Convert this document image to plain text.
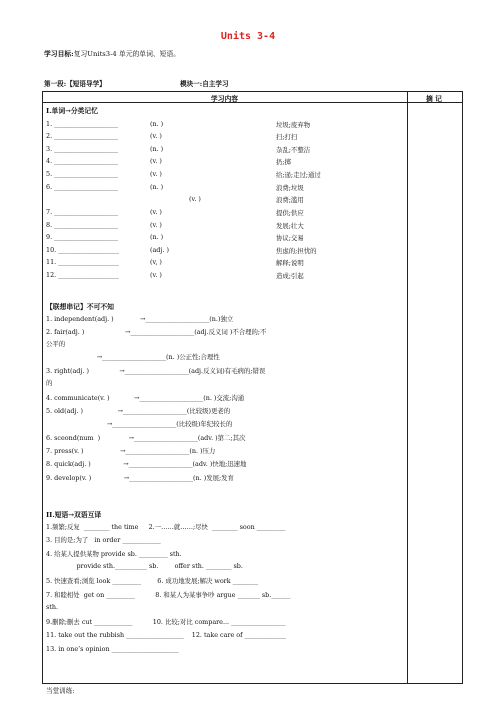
Units 3-4
学习目标:复习Units3-4 单元的单词、短语。
第一段:【短语导学】	模块一:自主学习
学习内容	摘 记
I.单词→分类记忆
1. ____________________	(n. )	垃圾;废弃物
2. ____________________	(v. )	扫;打扫
3. ____________________	(n. )	杂乱;不整洁
4. ____________________	(v. )	扔;掷
5. ____________________	(v. )	给;递;走过;通过
6. ____________________	(n. )	浪费;垃圾
(v. )	浪费;滥用
7. ____________________	(v. )	提供;供应
8. ____________________	(v. )	发展;壮大
9. ____________________	(n. )	协议;交易
10. ___________________	(adj. )	焦虑的;担忧的
11. ___________________	(v, )	解释;说明
12. ___________________	(v. )	造成;引起
【联想串记】不可不知
1. independent(adj. )             →____________________(n.)独立
2. fair(adj. )                    →____________________(adj.反义词 )不合理的;不
公平的
→____________________(n. )公正性;合理性
3. right(adj. )               →____________________(adj.反义词)有毛病的;错误
的
4. communicate(v. )            →____________________(n. )交流;沟通
5. old(adj. )                 →____________________(比较级)更老的
→____________________(比较级)年纪较长的
6. sceond(num  )              →____________________(adv. )第二;其次
7. press(v. )                  →____________________(n. )压力
8. quick(adj. )                →____________________(adv. )快地;迅速地
9. develop(v. )                →____________________(n. )发展;发育
II.短语→双语互译
1.频繁;反复  ________ the time     2.一……就……;尽快  ________ soon _________
3. 目的是;为了   in order ____________
4. 给某人提供某物 provide sb. _________ sth.
provide sth.__________ sb.        offer sth. ________ sb.
5. 快速查看;浏览 look _________        6. 成功地发展;解决 work ________
7. 和睦相处  get on _________          8. 和某人为某事争吵 argue _______ sb.______
sth.
9.删除;删去 cut ____________          10. 比较;对比 compare... _________________
11. take out the rubbish __________________    12. take care of _____________
13. in one’s opinion _____________________
当堂训练:
